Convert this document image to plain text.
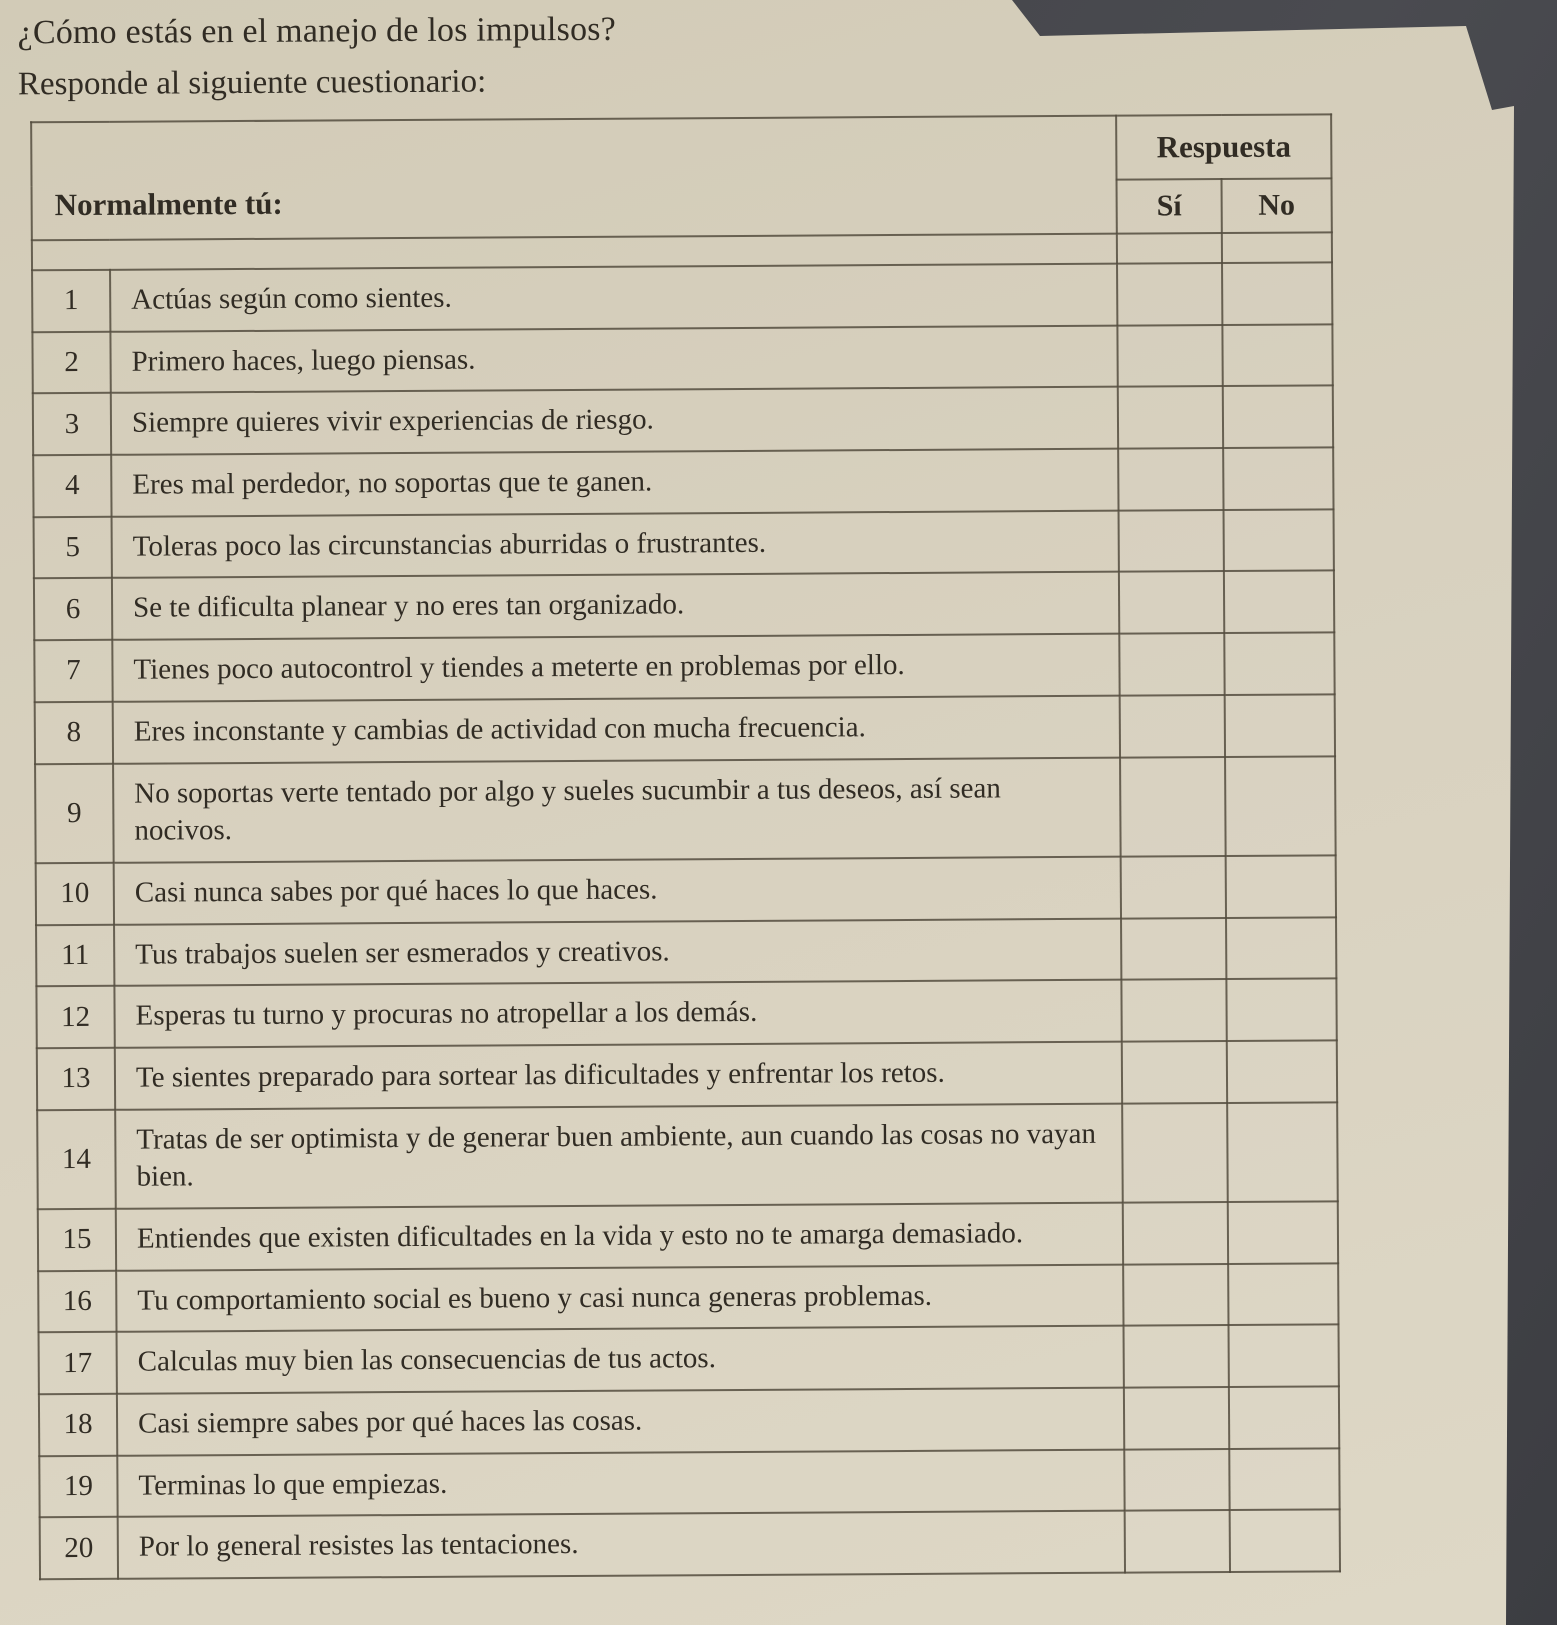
¿Cómo estás en el manejo de los impulsos?
Responde al siguiente cuestionario:
Normalmente tú:		Respuesta	
		Sí	No

1	Actúas según como sientes.		
2	Primero haces, luego piensas.		
3	Siempre quieres vivir experiencias de riesgo.		
4	Eres mal perdedor, no soportas que te ganen.		
5	Toleras poco las circunstancias aburridas o frustrantes.		
6	Se te dificulta planear y no eres tan organizado.		
7	Tienes poco autocontrol y tiendes a meterte en problemas por ello.		
8	Eres inconstante y cambias de actividad con mucha frecuencia.		
9	No soportas verte tentado por algo y sueles sucumbir a tus deseos, así sean nocivos.		
10	Casi nunca sabes por qué haces lo que haces.		
11	Tus trabajos suelen ser esmerados y creativos.		
12	Esperas tu turno y procuras no atropellar a los demás.		
13	Te sientes preparado para sortear las dificultades y enfrentar los retos.		
14	Tratas de ser optimista y de generar buen ambiente, aun cuando las cosas no vayan bien.		
15	Entiendes que existen dificultades en la vida y esto no te amarga demasiado.		
16	Tu comportamiento social es bueno y casi nunca generas problemas.		
17	Calculas muy bien las consecuencias de tus actos.		
18	Casi siempre sabes por qué haces las cosas.		
19	Terminas lo que empiezas.		
20	Por lo general resistes las tentaciones.		
